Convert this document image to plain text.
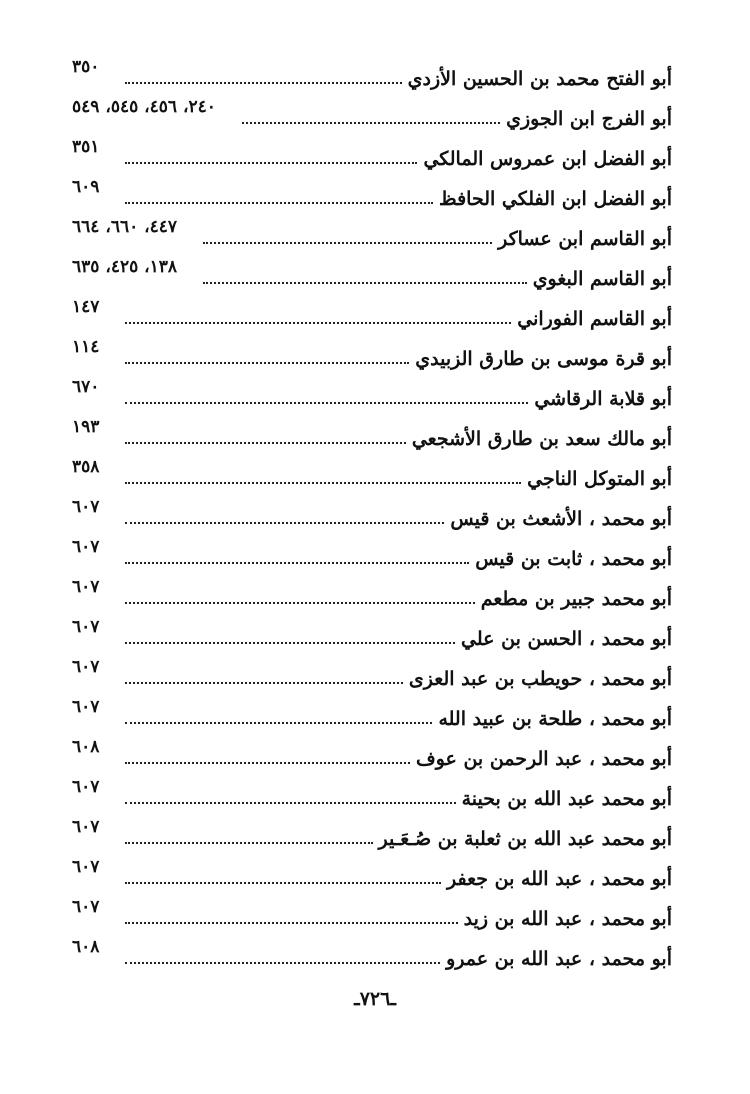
أبو الفتح محمد بن الحسين الأزدي
٣٥٠
أبو الفرج ابن الجوزي
٢٤٠، ٤٥٦، ٥٤٥، ٥٤٩
أبو الفضل ابن عمروس المالكي
٣٥١
أبو الفضل ابن الفلكي الحافظ
٦٠٩
أبو القاسم ابن عساكر
٤٤٧، ٦٦٠، ٦٦٤
أبو القاسم البغوي
١٣٨، ٤٢٥، ٦٣٥
أبو القاسم الفوراني
١٤٧
أبو قرة موسى بن طارق الزبيدي
١١٤
أبو قلابة الرقاشي
٦٧٠
أبو مالك سعد بن طارق الأشجعي
١٩٣
أبو المتوكل الناجي
٣٥٨
أبو محمد ، الأشعث بن قيس
٦٠٧
أبو محمد ، ثابت بن قيس
٦٠٧
أبو محمد جبير بن مطعم
٦٠٧
أبو محمد ، الحسن بن علي
٦٠٧
أبو محمد ، حويطب بن عبد العزى
٦٠٧
أبو محمد ، طلحة بن عبيد الله
٦٠٧
أبو محمد ، عبد الرحمن بن عوف
٦٠٨
أبو محمد عبد الله بن بحينة
٦٠٧
أبو محمد عبد الله بن ثعلبة بن صُـعَـير
٦٠٧
أبو محمد ، عبد الله بن جعفر
٦٠٧
أبو محمد ، عبد الله بن زيد
٦٠٧
أبو محمد ، عبد الله بن عمرو
٦٠٨
ـ٧٢٦ـ
